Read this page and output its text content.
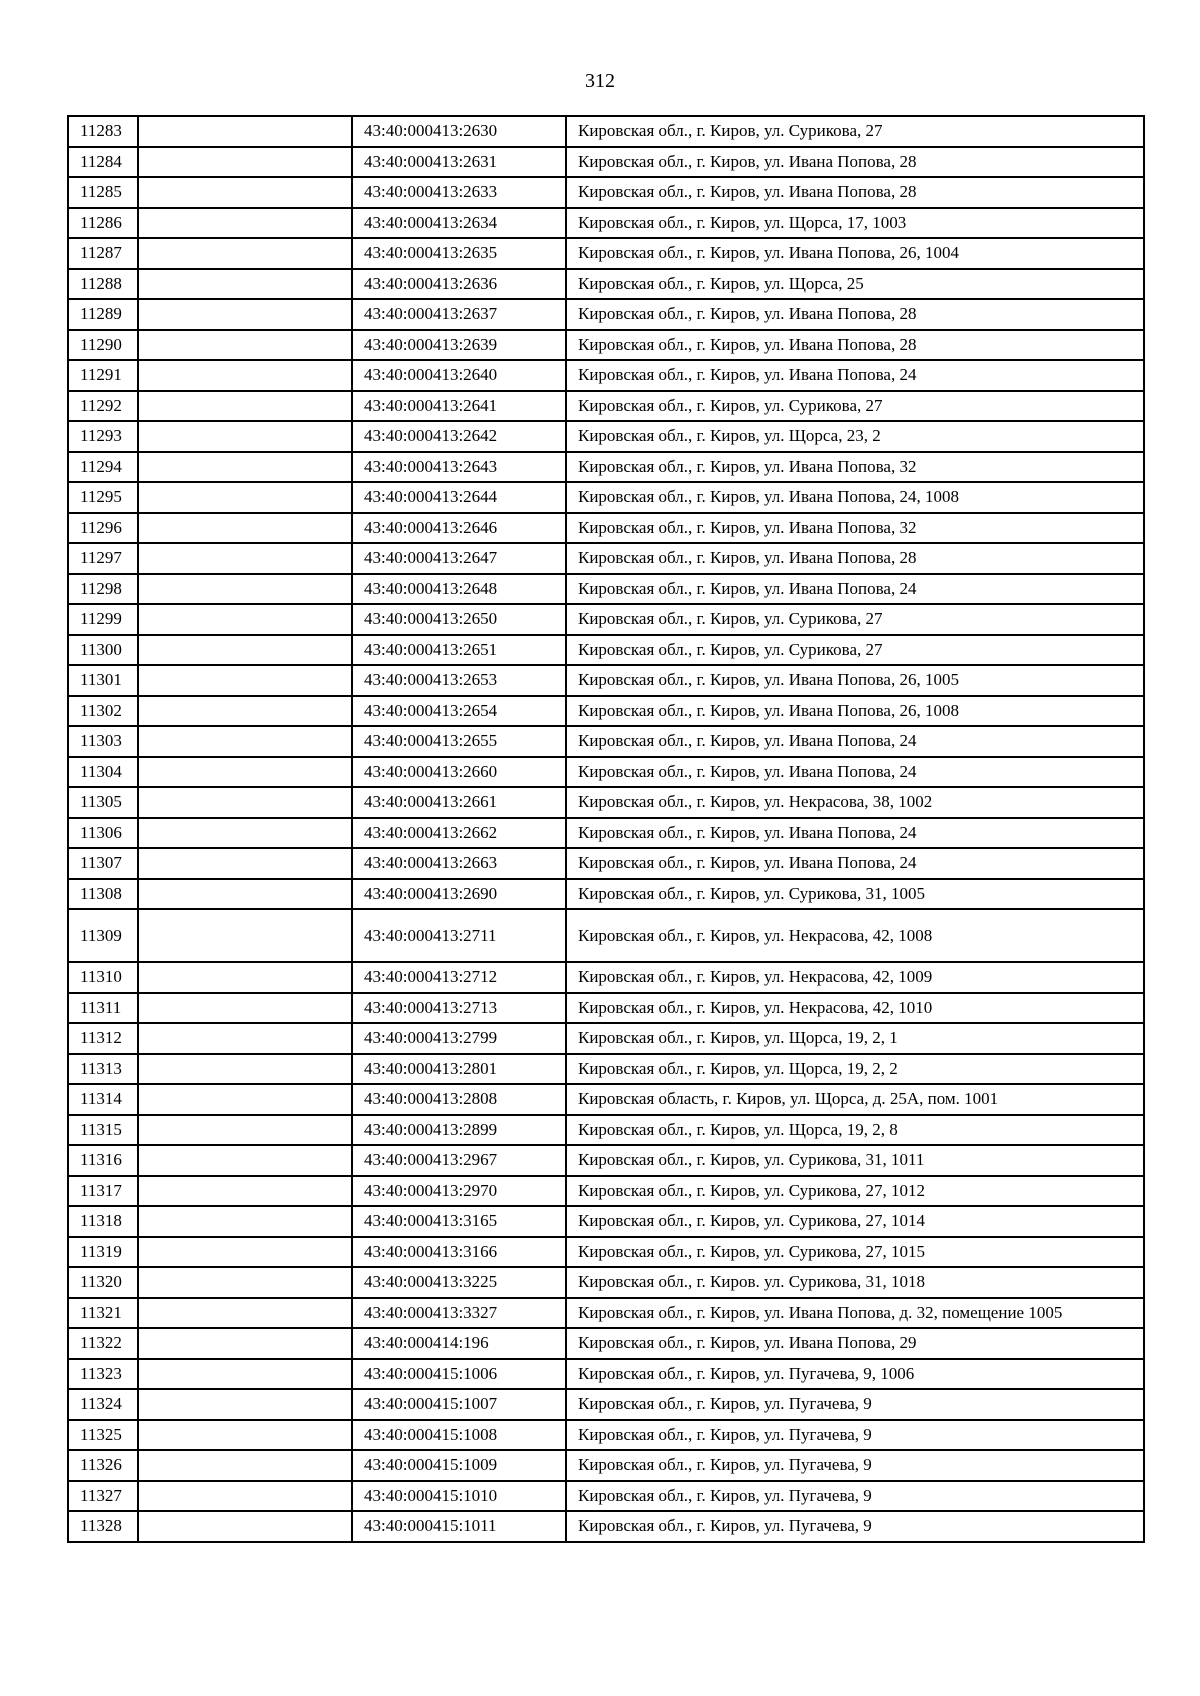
312
11283		43:40:000413:2630	Кировская обл., г. Киров, ул. Сурикова, 27
11284		43:40:000413:2631	Кировская обл., г. Киров, ул. Ивана Попова, 28
11285		43:40:000413:2633	Кировская обл., г. Киров, ул. Ивана Попова, 28
11286		43:40:000413:2634	Кировская обл., г. Киров, ул. Щорса, 17, 1003
11287		43:40:000413:2635	Кировская обл., г. Киров, ул. Ивана Попова, 26, 1004
11288		43:40:000413:2636	Кировская обл., г. Киров, ул. Щорса, 25
11289		43:40:000413:2637	Кировская обл., г. Киров, ул. Ивана Попова, 28
11290		43:40:000413:2639	Кировская обл., г. Киров, ул. Ивана Попова, 28
11291		43:40:000413:2640	Кировская обл., г. Киров, ул. Ивана Попова, 24
11292		43:40:000413:2641	Кировская обл., г. Киров, ул. Сурикова, 27
11293		43:40:000413:2642	Кировская обл., г. Киров, ул. Щорса, 23, 2
11294		43:40:000413:2643	Кировская обл., г. Киров, ул. Ивана Попова, 32
11295		43:40:000413:2644	Кировская обл., г. Киров, ул. Ивана Попова, 24, 1008
11296		43:40:000413:2646	Кировская обл., г. Киров, ул. Ивана Попова, 32
11297		43:40:000413:2647	Кировская обл., г. Киров, ул. Ивана Попова, 28
11298		43:40:000413:2648	Кировская обл., г. Киров, ул. Ивана Попова, 24
11299		43:40:000413:2650	Кировская обл., г. Киров, ул. Сурикова, 27
11300		43:40:000413:2651	Кировская обл., г. Киров, ул. Сурикова, 27
11301		43:40:000413:2653	Кировская обл., г. Киров, ул. Ивана Попова, 26, 1005
11302		43:40:000413:2654	Кировская обл., г. Киров, ул. Ивана Попова, 26, 1008
11303		43:40:000413:2655	Кировская обл., г. Киров, ул. Ивана Попова, 24
11304		43:40:000413:2660	Кировская обл., г. Киров, ул. Ивана Попова, 24
11305		43:40:000413:2661	Кировская обл., г. Киров, ул. Некрасова, 38, 1002
11306		43:40:000413:2662	Кировская обл., г. Киров, ул. Ивана Попова, 24
11307		43:40:000413:2663	Кировская обл., г. Киров, ул. Ивана Попова, 24
11308		43:40:000413:2690	Кировская обл., г. Киров, ул. Сурикова, 31, 1005
11309		43:40:000413:2711	Кировская обл., г. Киров, ул. Некрасова, 42, 1008
11310		43:40:000413:2712	Кировская обл., г. Киров, ул. Некрасова, 42, 1009
11311		43:40:000413:2713	Кировская обл., г. Киров, ул. Некрасова, 42, 1010
11312		43:40:000413:2799	Кировская обл., г. Киров, ул. Щорса, 19, 2, 1
11313		43:40:000413:2801	Кировская обл., г. Киров, ул. Щорса, 19, 2, 2
11314		43:40:000413:2808	Кировская область, г. Киров, ул. Щорса, д. 25А, пом. 1001
11315		43:40:000413:2899	Кировская обл., г. Киров, ул. Щорса, 19, 2, 8
11316		43:40:000413:2967	Кировская обл., г. Киров, ул. Сурикова, 31, 1011
11317		43:40:000413:2970	Кировская обл., г. Киров, ул. Сурикова, 27, 1012
11318		43:40:000413:3165	Кировская обл., г. Киров, ул. Сурикова, 27, 1014
11319		43:40:000413:3166	Кировская обл., г. Киров, ул. Сурикова, 27, 1015
11320		43:40:000413:3225	Кировская обл., г. Киров. ул. Сурикова, 31, 1018
11321		43:40:000413:3327	Кировская обл., г. Киров, ул. Ивана Попова, д. 32, помещение 1005
11322		43:40:000414:196	Кировская обл., г. Киров, ул. Ивана Попова, 29
11323		43:40:000415:1006	Кировская обл., г. Киров, ул. Пугачева, 9, 1006
11324		43:40:000415:1007	Кировская обл., г. Киров, ул. Пугачева, 9
11325		43:40:000415:1008	Кировская обл., г. Киров, ул. Пугачева, 9
11326		43:40:000415:1009	Кировская обл., г. Киров, ул. Пугачева, 9
11327		43:40:000415:1010	Кировская обл., г. Киров, ул. Пугачева, 9
11328		43:40:000415:1011	Кировская обл., г. Киров, ул. Пугачева, 9
